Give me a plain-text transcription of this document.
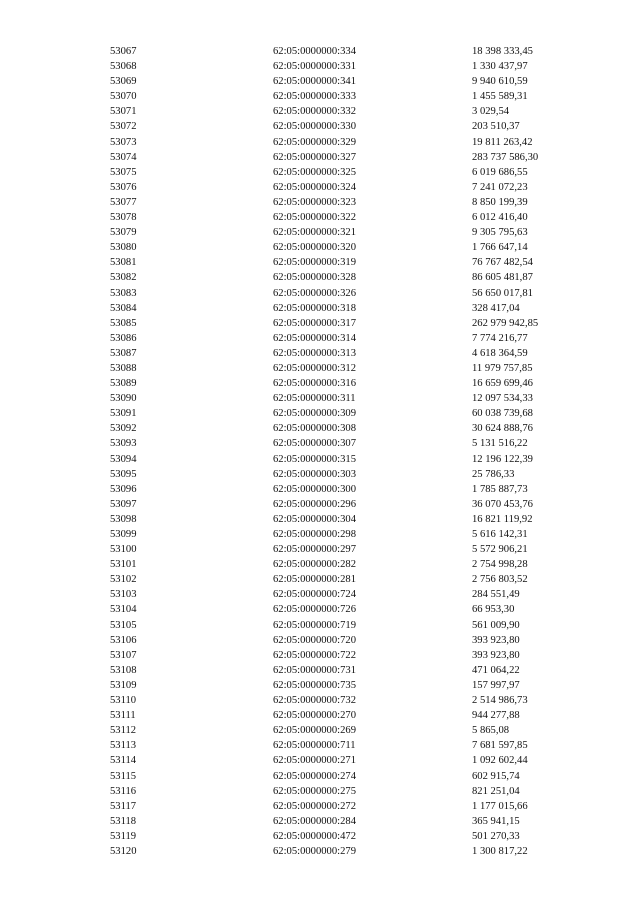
53067	62:05:0000000:334	18 398 333,45
53068	62:05:0000000:331	1 330 437,97
53069	62:05:0000000:341	9 940 610,59
53070	62:05:0000000:333	1 455 589,31
53071	62:05:0000000:332	3 029,54
53072	62:05:0000000:330	203 510,37
53073	62:05:0000000:329	19 811 263,42
53074	62:05:0000000:327	283 737 586,30
53075	62:05:0000000:325	6 019 686,55
53076	62:05:0000000:324	7 241 072,23
53077	62:05:0000000:323	8 850 199,39
53078	62:05:0000000:322	6 012 416,40
53079	62:05:0000000:321	9 305 795,63
53080	62:05:0000000:320	1 766 647,14
53081	62:05:0000000:319	76 767 482,54
53082	62:05:0000000:328	86 605 481,87
53083	62:05:0000000:326	56 650 017,81
53084	62:05:0000000:318	328 417,04
53085	62:05:0000000:317	262 979 942,85
53086	62:05:0000000:314	7 774 216,77
53087	62:05:0000000:313	4 618 364,59
53088	62:05:0000000:312	11 979 757,85
53089	62:05:0000000:316	16 659 699,46
53090	62:05:0000000:311	12 097 534,33
53091	62:05:0000000:309	60 038 739,68
53092	62:05:0000000:308	30 624 888,76
53093	62:05:0000000:307	5 131 516,22
53094	62:05:0000000:315	12 196 122,39
53095	62:05:0000000:303	25 786,33
53096	62:05:0000000:300	1 785 887,73
53097	62:05:0000000:296	36 070 453,76
53098	62:05:0000000:304	16 821 119,92
53099	62:05:0000000:298	5 616 142,31
53100	62:05:0000000:297	5 572 906,21
53101	62:05:0000000:282	2 754 998,28
53102	62:05:0000000:281	2 756 803,52
53103	62:05:0000000:724	284 551,49
53104	62:05:0000000:726	66 953,30
53105	62:05:0000000:719	561 009,90
53106	62:05:0000000:720	393 923,80
53107	62:05:0000000:722	393 923,80
53108	62:05:0000000:731	471 064,22
53109	62:05:0000000:735	157 997,97
53110	62:05:0000000:732	2 514 986,73
53111	62:05:0000000:270	944 277,88
53112	62:05:0000000:269	5 865,08
53113	62:05:0000000:711	7 681 597,85
53114	62:05:0000000:271	1 092 602,44
53115	62:05:0000000:274	602 915,74
53116	62:05:0000000:275	821 251,04
53117	62:05:0000000:272	1 177 015,66
53118	62:05:0000000:284	365 941,15
53119	62:05:0000000:472	501 270,33
53120	62:05:0000000:279	1 300 817,22
